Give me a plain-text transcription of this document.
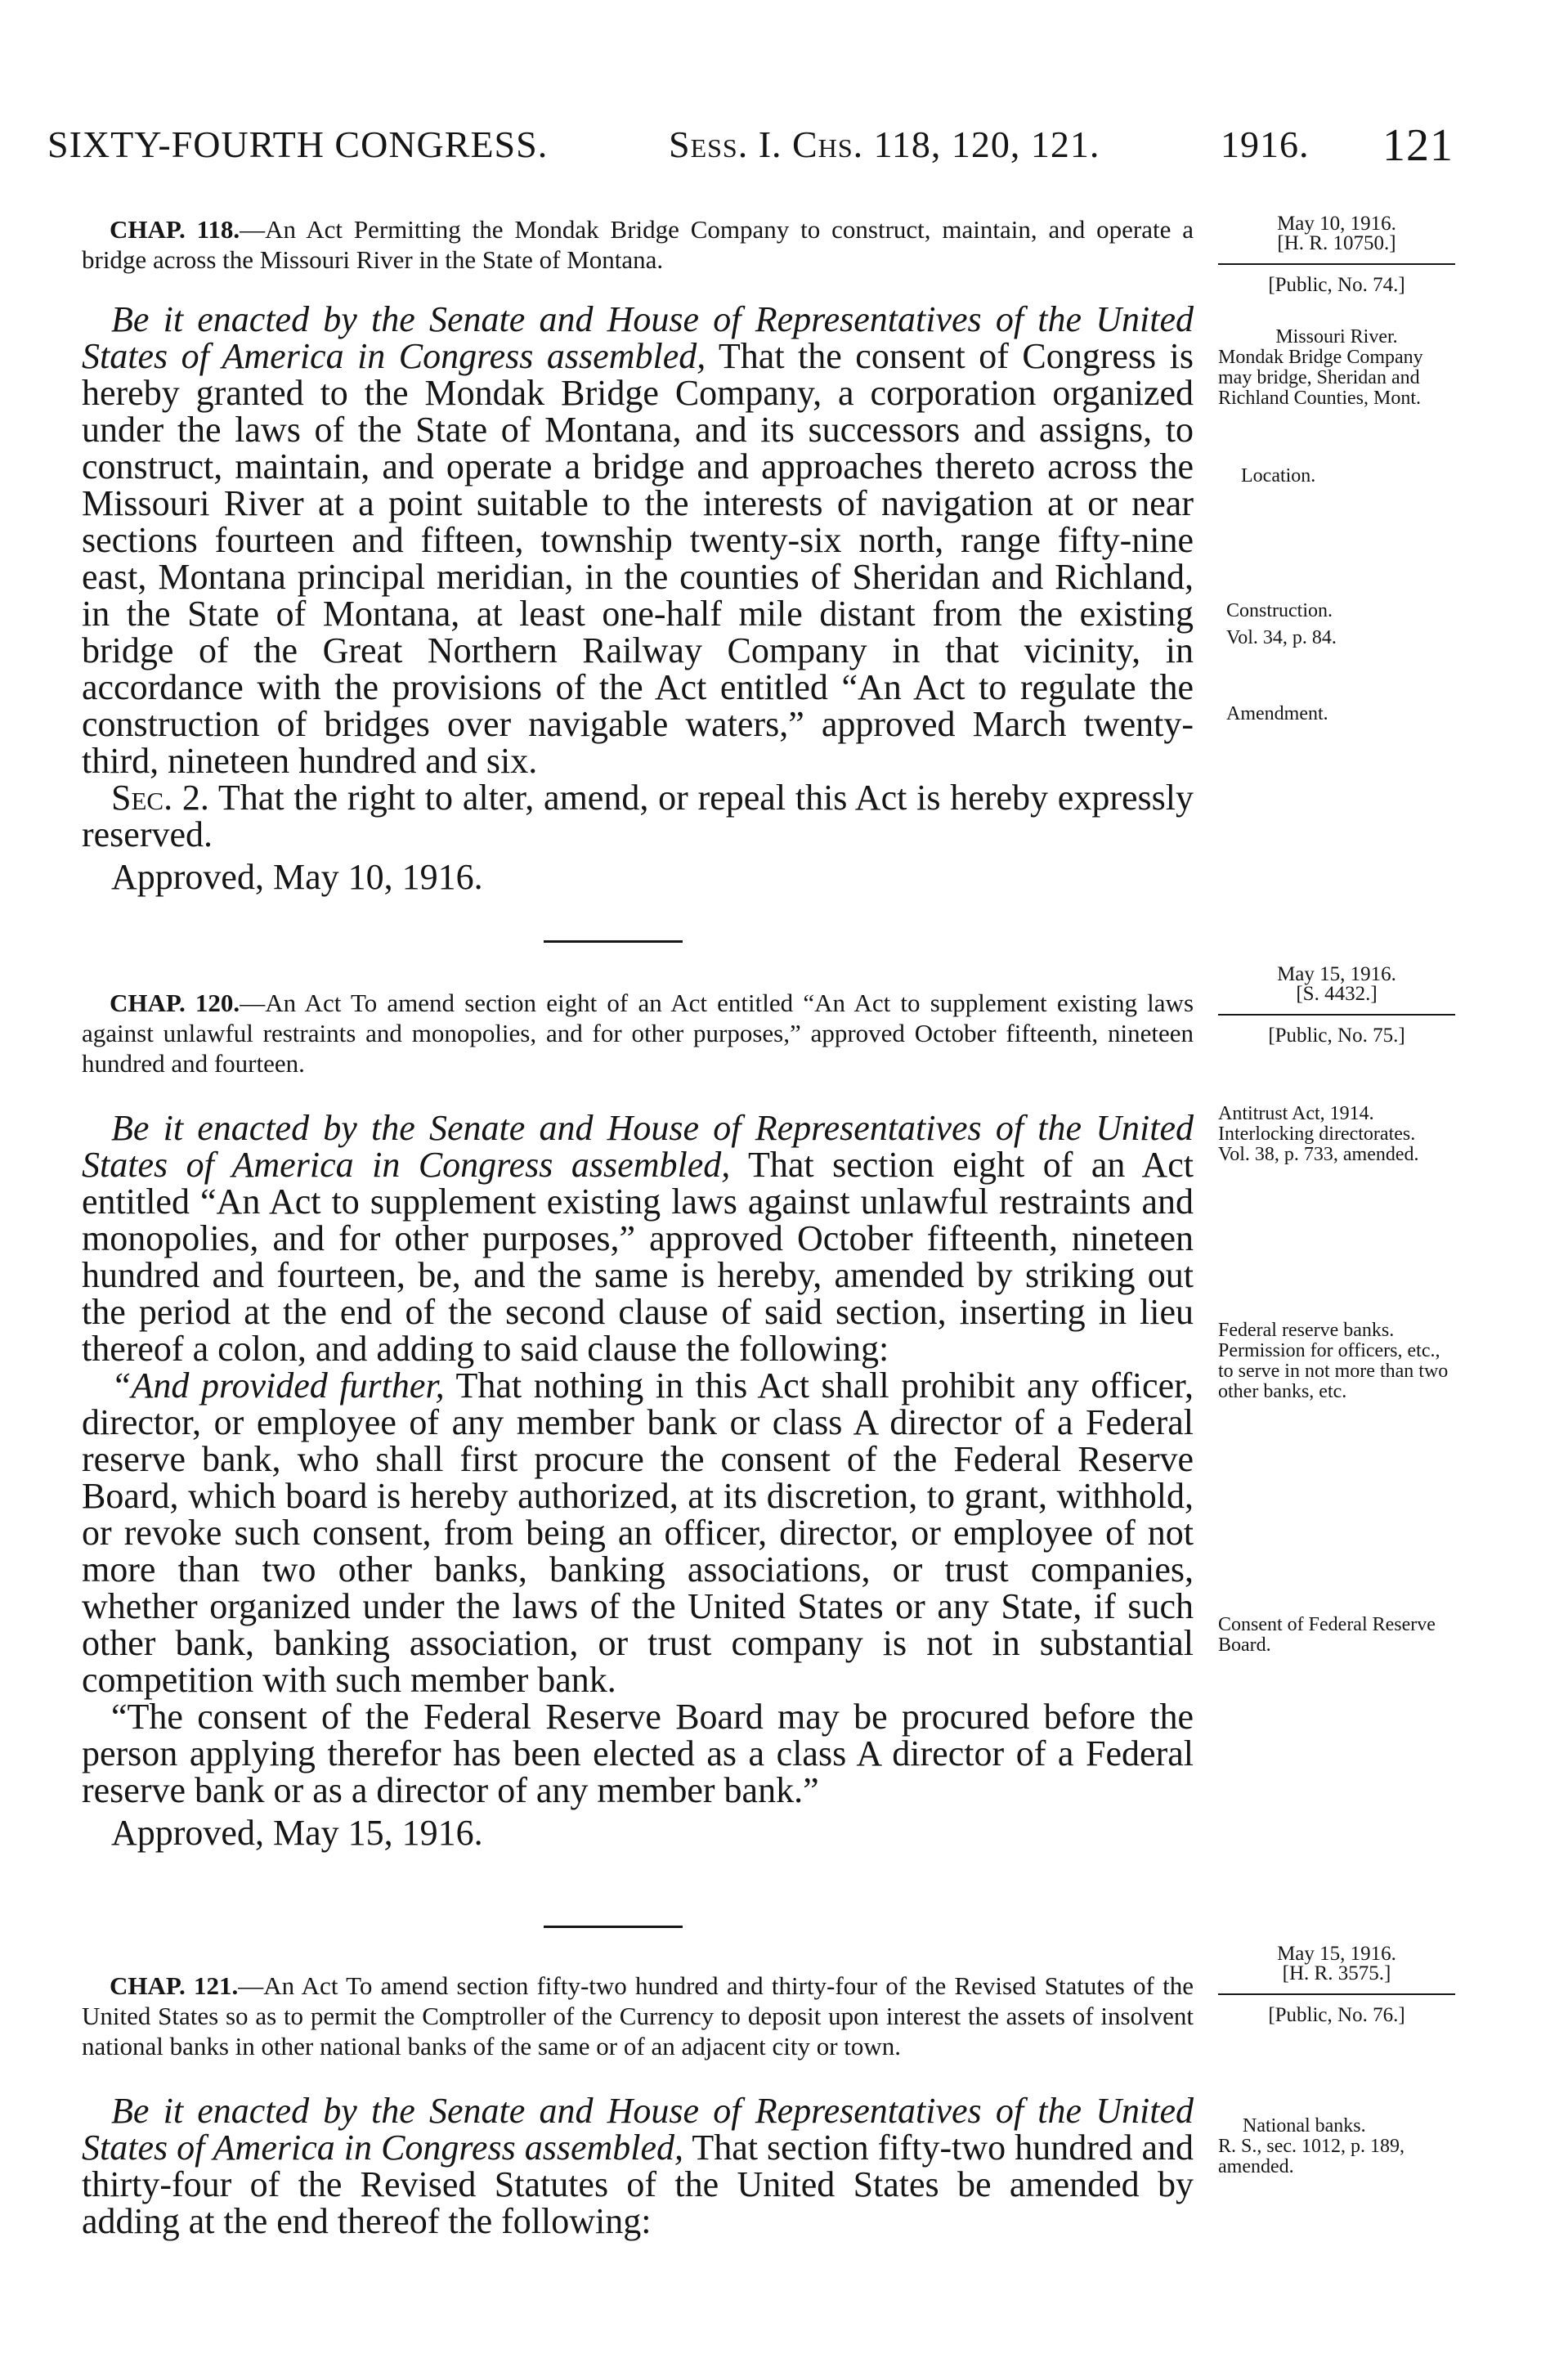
SIXTY-FOURTH CONGRESS.	Sess. I. Chs. 118, 120, 121.	1916. 121

CHAP. 118.—An Act Permitting the Mondak Bridge Company to construct, maintain, and operate a bridge across the Missouri River in the State of Montana.

Be it enacted by the Senate and House of Representatives of the United States of America in Congress assembled, That the consent of Congress is hereby granted to the Mondak Bridge Company, a corporation organized under the laws of the State of Montana, and its successors and assigns, to construct, maintain, and operate a bridge and approaches thereto across the Missouri River at a point suitable to the interests of navigation at or near sections fourteen and fifteen, township twenty-six north, range fifty-nine east, Montana principal meridian, in the counties of Sheridan and Richland, in the State of Montana, at least one-half mile distant from the existing bridge of the Great Northern Railway Company in that vicinity, in accordance with the provisions of the Act entitled “An Act to regulate the construction of bridges over navigable waters,” approved March twenty-third, nineteen hundred and six.

Sec. 2. That the right to alter, amend, or repeal this Act is hereby expressly reserved.

Approved, May 10, 1916.
May 10, 1916.
[H. R. 10750.]
[Public, No. 74.]
Missouri River.
Mondak Bridge Company may bridge, Sheridan and Richland Counties, Mont.
Location.
Construction.
Vol. 34, p. 84.
Amendment.

CHAP. 120.—An Act To amend section eight of an Act entitled “An Act to supplement existing laws against unlawful restraints and monopolies, and for other purposes,” approved October fifteenth, nineteen hundred and fourteen.

Be it enacted by the Senate and House of Representatives of the United States of America in Congress assembled, That section eight of an Act entitled “An Act to supplement existing laws against unlawful restraints and monopolies, and for other purposes,” approved October fifteenth, nineteen hundred and fourteen, be, and the same is hereby, amended by striking out the period at the end of the second clause of said section, inserting in lieu thereof a colon, and adding to said clause the following:

“And provided further, That nothing in this Act shall prohibit any officer, director, or employee of any member bank or class A director of a Federal reserve bank, who shall first procure the consent of the Federal Reserve Board, which board is hereby authorized, at its discretion, to grant, withhold, or revoke such consent, from being an officer, director, or employee of not more than two other banks, banking associations, or trust companies, whether organized under the laws of the United States or any State, if such other bank, banking association, or trust company is not in substantial competition with such member bank.

“The consent of the Federal Reserve Board may be procured before the person applying therefor has been elected as a class A director of a Federal reserve bank or as a director of any member bank.”

Approved, May 15, 1916.
May 15, 1916.
[S. 4432.]
[Public, No. 75.]
Antitrust Act, 1914.
Interlocking directorates.
Vol. 38, p. 733, amended.
Federal reserve banks.
Permission for officers, etc., to serve in not more than two other banks, etc.
Consent of Federal Reserve Board.

CHAP. 121.—An Act To amend section fifty-two hundred and thirty-four of the Revised Statutes of the United States so as to permit the Comptroller of the Currency to deposit upon interest the assets of insolvent national banks in other national banks of the same or of an adjacent city or town.

Be it enacted by the Senate and House of Representatives of the United States of America in Congress assembled, That section fifty-two hundred and thirty-four of the Revised Statutes of the United States be amended by adding at the end thereof the following:

May 15, 1916.
[H. R. 3575.]
[Public, No. 76.]
National banks.
R. S., sec. 1012, p. 189, amended.
